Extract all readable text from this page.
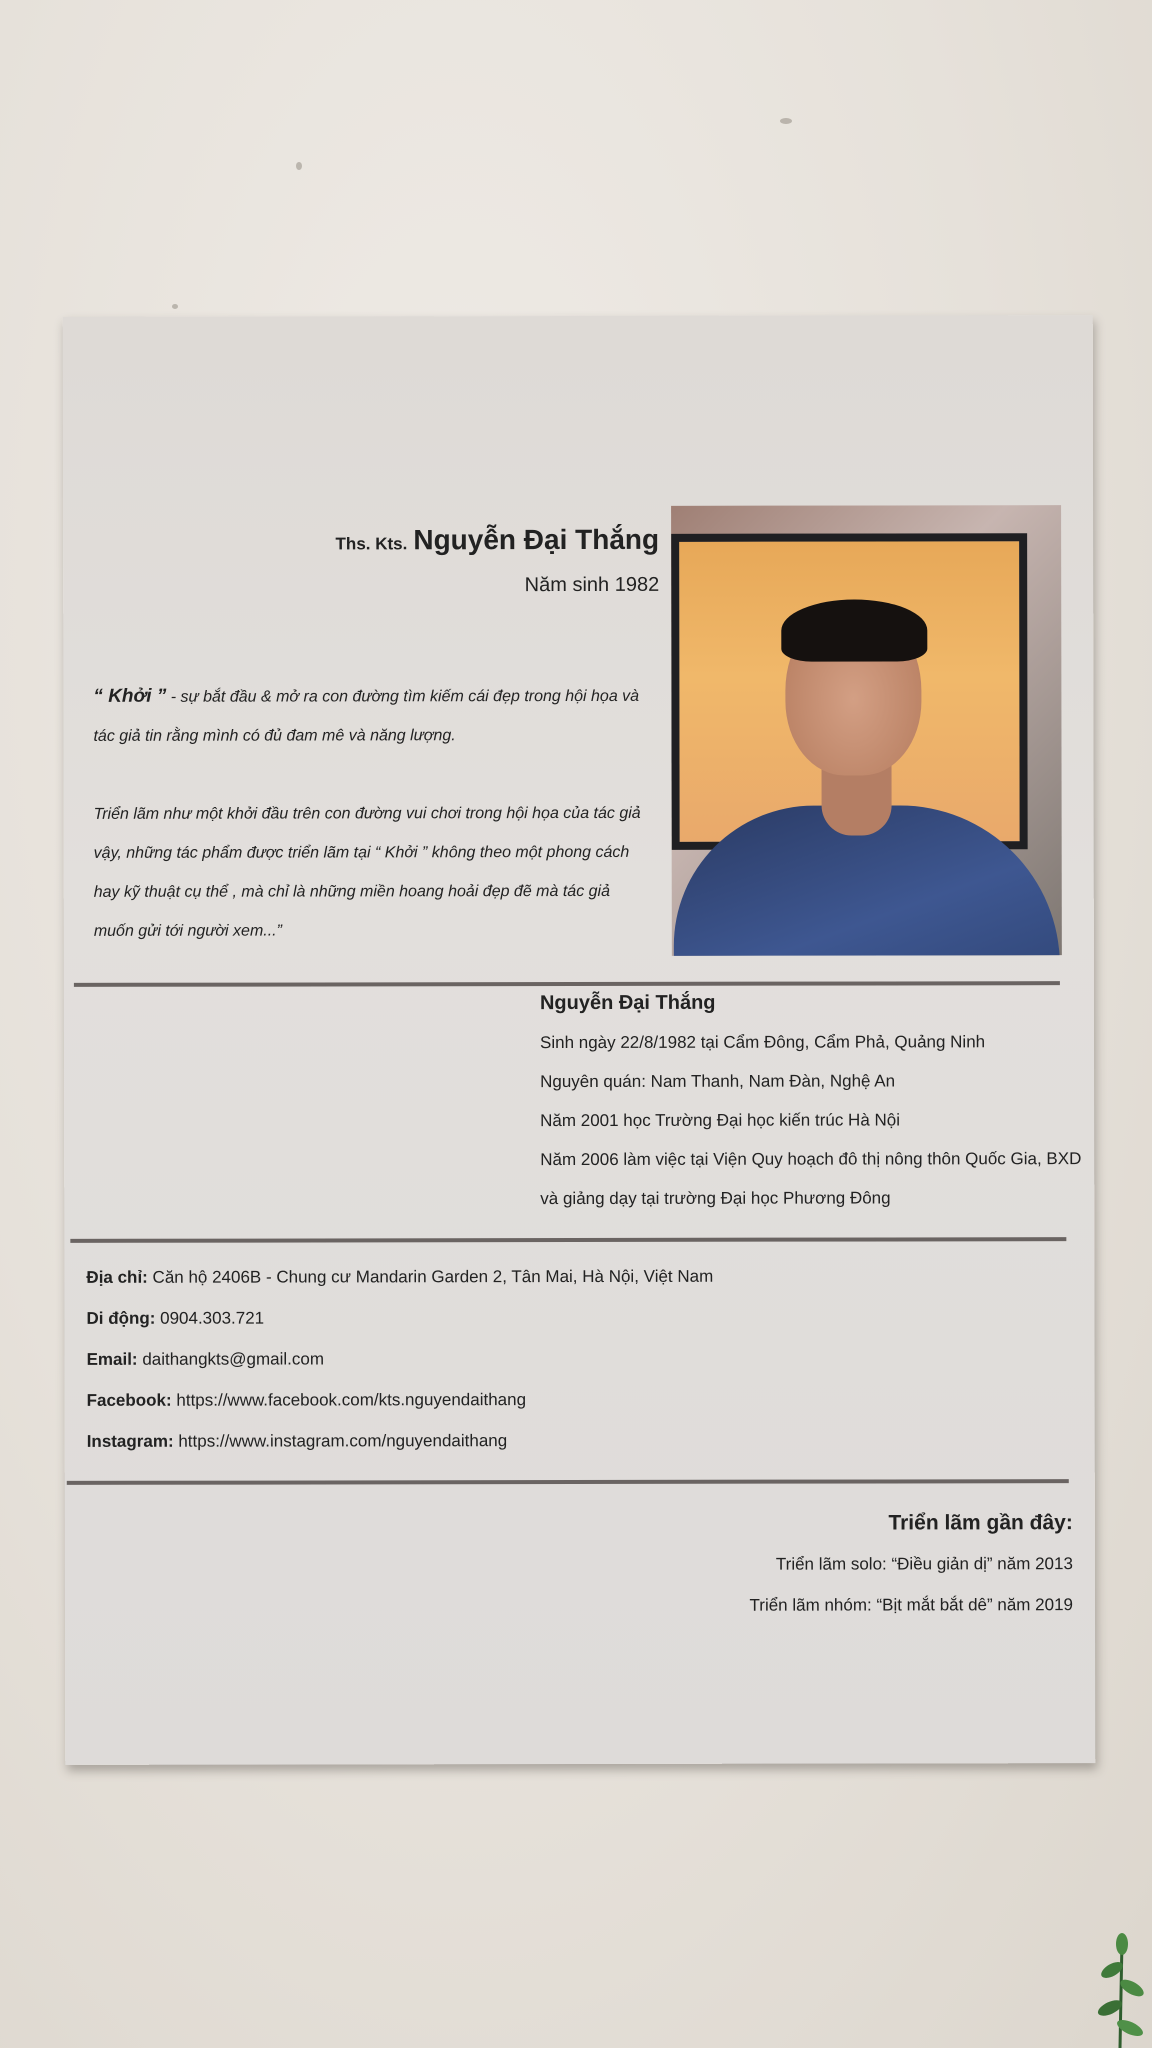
Ths. Kts. Nguyễn Đại Thắng
Năm sinh 1982

“ Khởi ” - sự bắt đầu & mở ra con đường tìm kiếm cái đẹp trong hội họa và tác giả tin rằng mình có đủ đam mê và năng lượng.

Triển lãm như một khởi đầu trên con đường vui chơi trong hội họa của tác giả vậy, những tác phẩm được triển lãm tại “ Khởi ” không theo một phong cách hay kỹ thuật cụ thể , mà chỉ là những miền hoang hoải đẹp đẽ mà tác giả muốn gửi tới người xem...”

Nguyễn Đại Thắng
Sinh ngày 22/8/1982 tại Cẩm Đông, Cẩm Phả, Quảng Ninh
Nguyên quán: Nam Thanh, Nam Đàn, Nghệ An
Năm 2001 học Trường Đại học kiến trúc Hà Nội
Năm 2006 làm việc tại Viện Quy hoạch đô thị nông thôn Quốc Gia, BXD
và giảng dạy tại trường Đại học Phương Đông
Địa chỉ: Căn hộ 2406B - Chung cư Mandarin Garden 2, Tân Mai, Hà Nội, Việt Nam
Di động: 0904.303.721
Email: daithangkts@gmail.com
Facebook: https://www.facebook.com/kts.nguyendaithang
Instagram: https://www.instagram.com/nguyendaithang
Triển lãm gần đây:
Triển lãm solo: “Điều giản dị” năm 2013
Triển lãm nhóm: “Bịt mắt bắt dê” năm 2019
